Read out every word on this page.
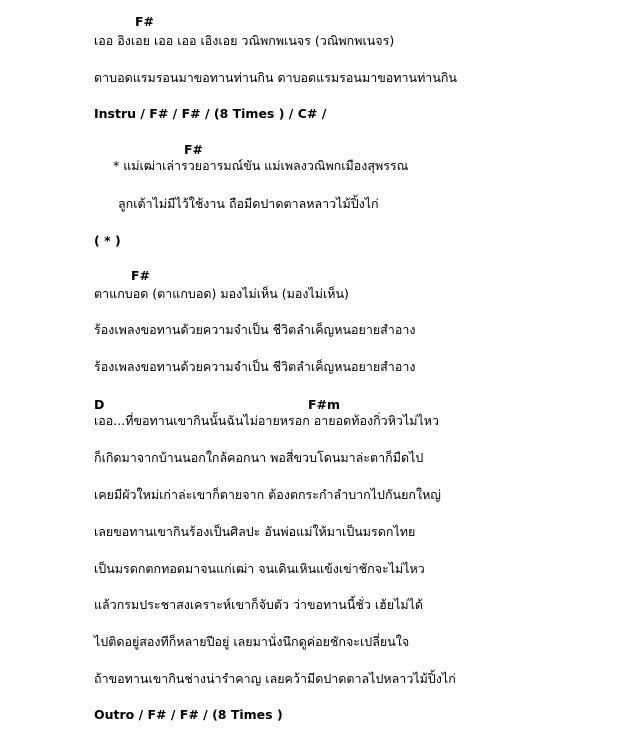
F#
เออ อิงเอย เออ เออ เอิงเอย วณิพกพเนจร (วณิพกพเนจร)
ดาบอดแรมรอนมาขอทานท่านกิน ดาบอดแรมรอนมาขอทานท่านกิน
Instru / F# / F# / (8 Times ) / C# /
F#
* แม่เฒ่าเล่ารวยอารมณ์ขัน แม่เพลงวณิพกเมืองสุพรรณ
ลูกเต้าไม่มีไว้ใช้งาน ถือมีดปาดตาลหลาวไม้ปิ้งไก่
( * )
F#
ตาแกบอด (ตาแกบอด) มองไม่เห็น (มองไม่เห็น)
ร้องเพลงขอทานด้วยความจำเป็น ชีวิตลำเค็ญหนอยายสำอาง
ร้องเพลงขอทานด้วยความจำเป็น ชีวิตลำเค็ญหนอยายสำอาง
D	F#m
เออ...ที่ขอทานเขากินนั้นฉันไม่อายหรอก อายอดท้องกิ่วหิวไม่ไหว
ก็เกิดมาจากบ้านนอกใกล้คอกนา พอสี่ขวบโดนมาล่ะตาก็มืดไป
เคยมีผัวใหม่เก่าล่ะเขาก็ตายจาก ต้องตกระกำลำบากไปกันยกใหญ่
เลยขอทานเขากินร้องเป็นศิลปะ อันพ่อแม่ให้มาเป็นมรดกไทย
เป็นมรดกตกทอดมาจนแก่เฒ่า จนเดินเหินแข้งเข่าชักจะไม่ไหว
แล้วกรมประชาสงเคราะห์เขาก็จับตัว ว่าขอทานนี้ชั่ว เฮ้ยไม่ได้
ไปติดอยู่สองทีก็หลายปีอยู่ เลยมานั่งนึกดูค่อยชักจะเปลี่ยนใจ
ถ้าขอทานเขากินช่างน่ารำคาญ เลยคว้ามีดปาดตาลไปหลาวไม้ปิ้งไก่
Outro / F# / F# / (8 Times )
